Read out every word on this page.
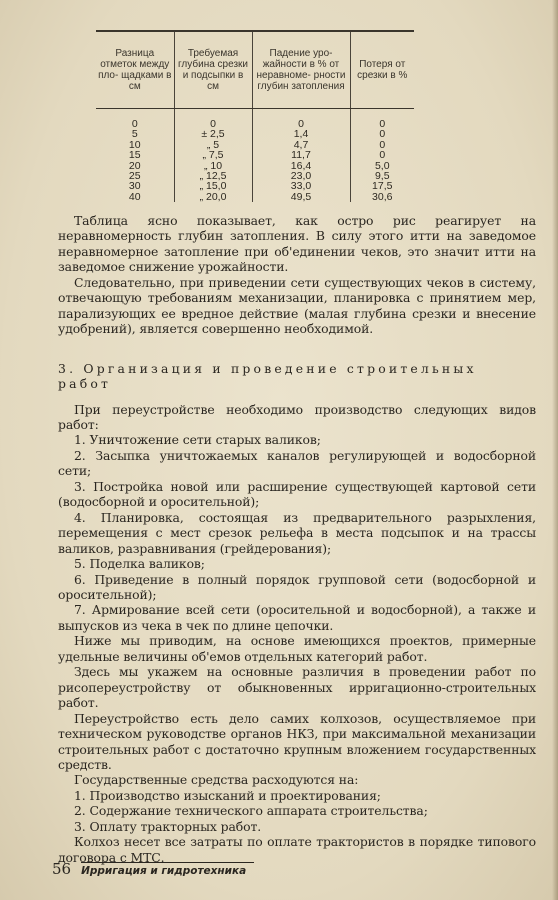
Разница отметок между пло- щадками в см	Требуемая глубина срезки и подсыпки в см	Падение уро- жайности в % от неравноме- рности глубин затопления	Потеря от срезки в %	
0	0	0	0	
5	± 2,5	1,4	0	
10	„ 5	4,7	0	
15	„ 7,5	11,7	0	
20	„ 10	16,4	5,0	
25	„ 12,5	23,0	9,5	
30	„ 15,0	33,0	17,5	
40	„ 20,0	49,5	30,6	

Таблица ясно показывает, как остро рис реагирует на неравномерность глубин затопления. В силу этого итти на заведомое неравномерное затопление при об'единении чеков, это значит итти на заведомое снижение урожайности.

Следовательно, при приведении сети существующих чеков в систему, отвечающую требованиям механизации, планировка с принятием мер, парализующих ее вредное действие (малая глубина срезки и внесение удобрений), является совершенно необходимой.

3. Организация и проведение строительных работ

При переустройстве необходимо производство следующих видов работ:

1. Уничтожение сети старых валиков;

2. Засыпка уничтожаемых каналов регулирующей и водосборной сети;

3. Постройка новой или расширение существующей картовой сети (водосборной и оросительной);

4. Планировка, состоящая из предварительного разрыхления, перемещения с мест срезок рельефа в места подсыпок и на трассы валиков, разравнивания (грейдерования);

5. Поделка валиков;

6. Приведение в полный порядок групповой сети (водосборной и оросительной);

7. Армирование всей сети (оросительной и водосборной), а также и выпусков из чека в чек по длине цепочки.

Ниже мы приводим, на основе имеющихся проектов, примерные удельные величины об'емов отдельных категорий работ.

Здесь мы укажем на основные различия в проведении работ по рисопереустройству от обыкновенных ирригационно-строительных работ.

Переустройство есть дело самих колхозов, осуществляемое при техническом руководстве органов НКЗ, при максимальной механизации строительных работ с достаточно крупным вложением государственных средств.

Государственные средства расходуются на:

1. Производство изысканий и проектирования;

2. Содержание технического аппарата строительства;

3. Оплату тракторных работ.

Колхоз несет все затраты по оплате трактористов в порядке типового договора с МТС.

56 Ирригация и гидротехника
